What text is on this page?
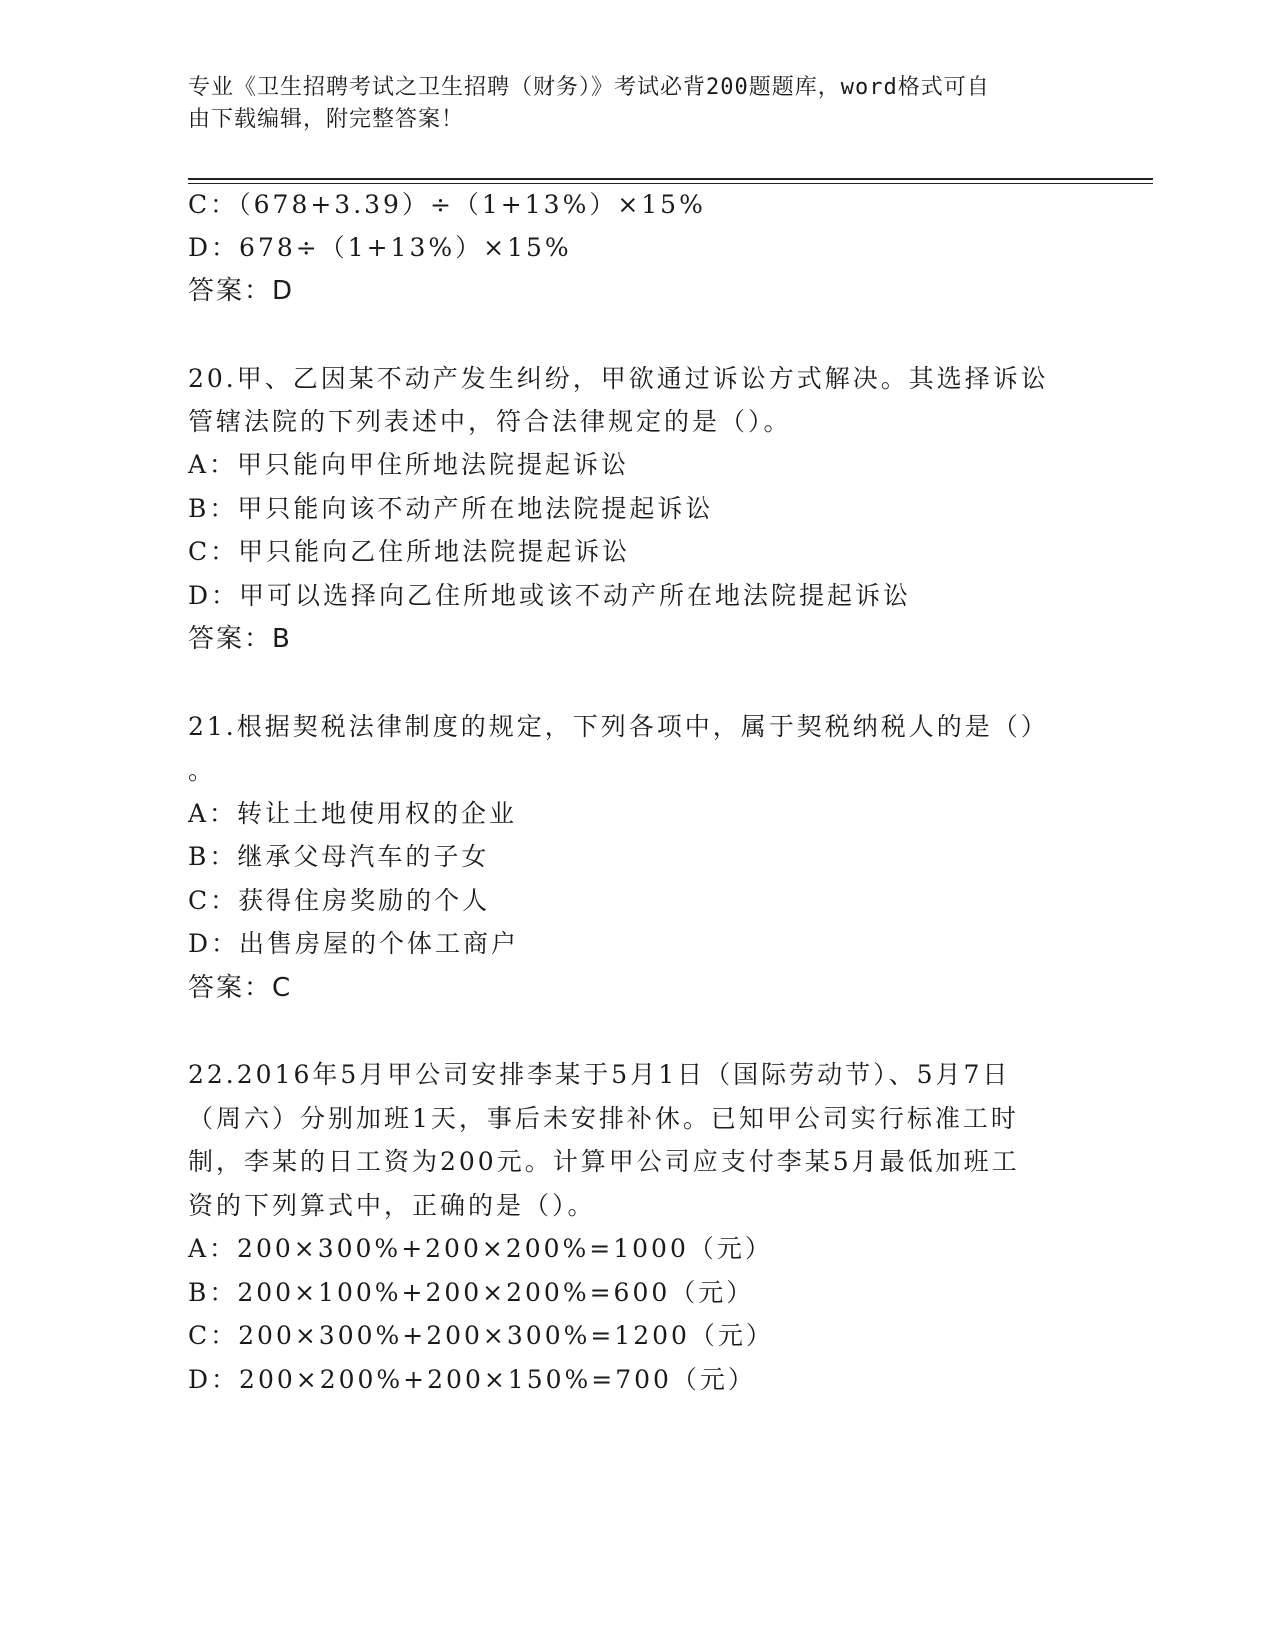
专业《卫生招聘考试之卫生招聘（财务）》考试必背200题题库，word格式可自
由下载编辑，附完整答案！
C：（678+3.39）÷（1+13%）×15%
D：678÷（1+13%）×15%
答案：D
20.甲、乙因某不动产发生纠纷，甲欲通过诉讼方式解决。其选择诉讼
管辖法院的下列表述中，符合法律规定的是（）。
A：甲只能向甲住所地法院提起诉讼
B：甲只能向该不动产所在地法院提起诉讼
C：甲只能向乙住所地法院提起诉讼
D：甲可以选择向乙住所地或该不动产所在地法院提起诉讼
答案：B
21.根据契税法律制度的规定，下列各项中，属于契税纳税人的是（）
。
A：转让土地使用权的企业
B：继承父母汽车的子女
C：获得住房奖励的个人
D：出售房屋的个体工商户
答案：C
22.2016年5月甲公司安排李某于5月1日（国际劳动节）、5月7日
（周六）分别加班1天，事后未安排补休。已知甲公司实行标准工时
制，李某的日工资为200元。计算甲公司应支付李某5月最低加班工
资的下列算式中，正确的是（）。
A：200×300%+200×200%=1000（元）
B：200×100%+200×200%=600（元）
C：200×300%+200×300%=1200（元）
D：200×200%+200×150%=700（元）
